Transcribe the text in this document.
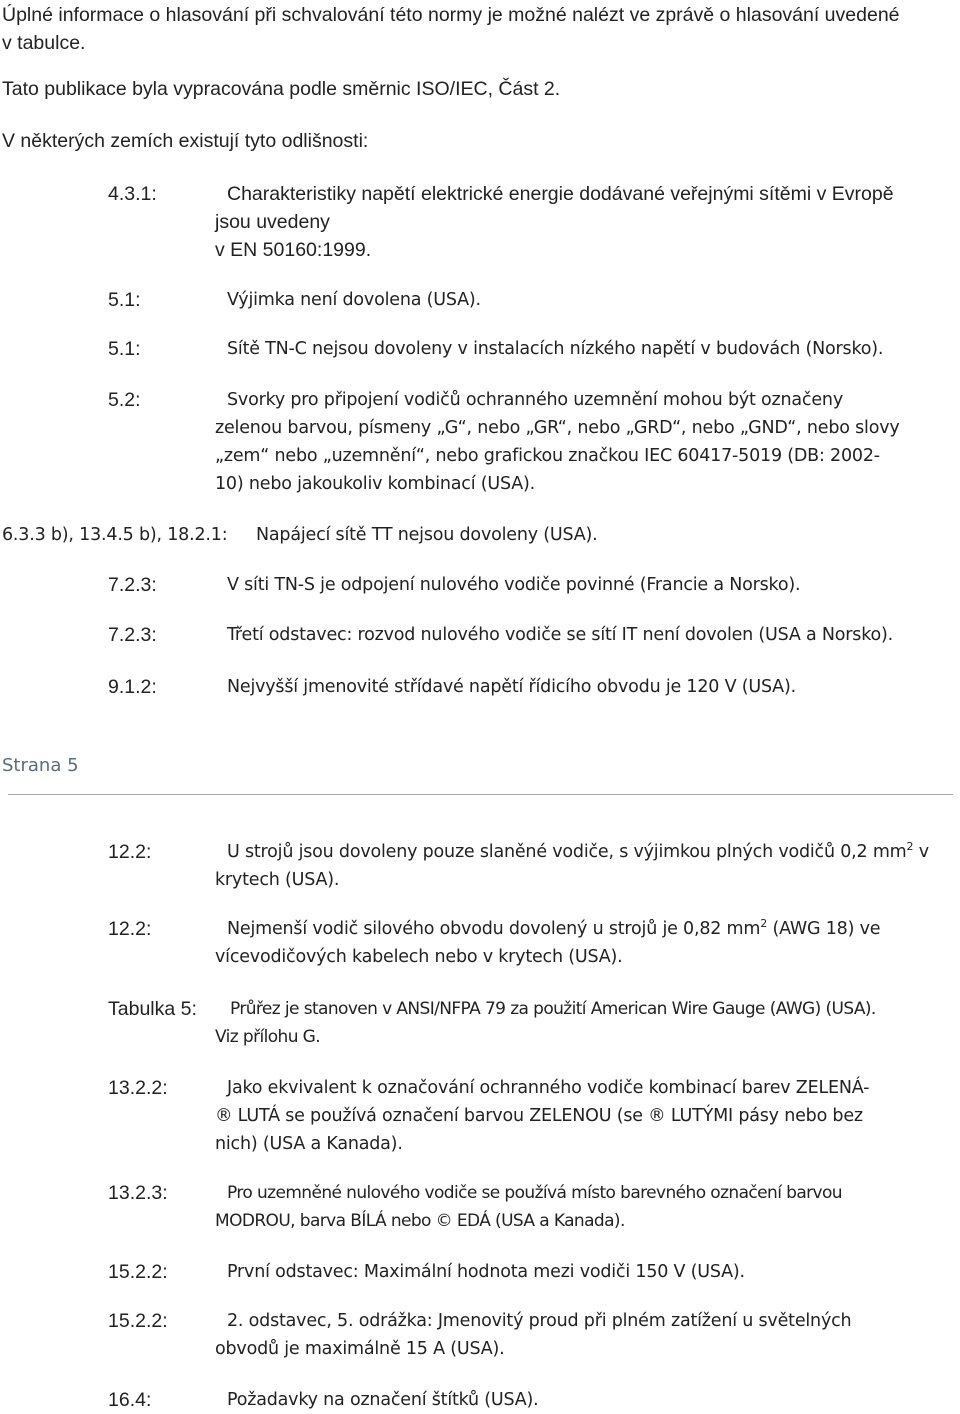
Úplné informace o hlasování při schvalování této normy je možné nalézt ve zprávě o hlasování uvedené v tabulce.

Tato publikace byla vypracována podle směrnic ISO/IEC, Část 2.

V některých zemích existují tyto odlišnosti:

4.3.1:	Charakteristiky napětí elektrické energie dodávané veřejnými sítěmi v Evropě
jsou uvedeny
v EN 50160:1999.
5.1:	Výjimka není dovolena (USA).
5.1:	Sítě TN-C nejsou dovoleny v instalacích nízkého napětí v budovách (Norsko).
5.2:	Svorky pro připojení vodičů ochranného uzemnění mohou být označeny
zelenou barvou, písmeny „G“, nebo „GR“, nebo „GRD“, nebo „GND“, nebo slovy
„zem“ nebo „uzemnění“, nebo grafickou značkou IEC 60417-5019 (DB: 2002-
10) nebo jakoukoliv kombinací (USA).
6.3.3 b), 13.4.5 b), 18.2.1: Napájecí sítě TT nejsou dovoleny (USA).
7.2.3:	V síti TN-S je odpojení nulového vodiče povinné (Francie a Norsko).
7.2.3:	Třetí odstavec: rozvod nulového vodiče se sítí IT není dovolen (USA a Norsko).
9.1.2:	Nejvyšší jmenovité střídavé napětí řídicího obvodu je 120 V (USA).
Strana 5
12.2:	U strojů jsou dovoleny pouze slaněné vodiče, s výjimkou plných vodičů 0,2 $mm^2$ v
krytech (USA).
12.2:	Nejmenší vodič silového obvodu dovolený u strojů je 0,82 $mm^2$ (AWG 18) ve
vícevodičových kabelech nebo v krytech (USA).
Tabulka 5:	Průřez je stanoven v ANSI/NFPA 79 za použití American Wire Gauge (AWG) (USA).
Viz přílohu G.
13.2.2:	Jako ekvivalent k označování ochranného vodiče kombinací barev ZELENÁ-
® LUTÁ se používá označení barvou ZELENOU (se ® LUTÝMI pásy nebo bez
nich) (USA a Kanada).
13.2.3:	Pro uzemněné nulového vodiče se používá místo barevného označení barvou
MODROU, barva BÍLÁ nebo © EDÁ (USA a Kanada).
15.2.2:	První odstavec: Maximální hodnota mezi vodiči 150 V (USA).
15.2.2:	2. odstavec, 5. odrážka: Jmenovitý proud při plném zatížení u světelných
obvodů je maximálně 15 A (USA).
16.4:	Požadavky na označení štítků (USA).
